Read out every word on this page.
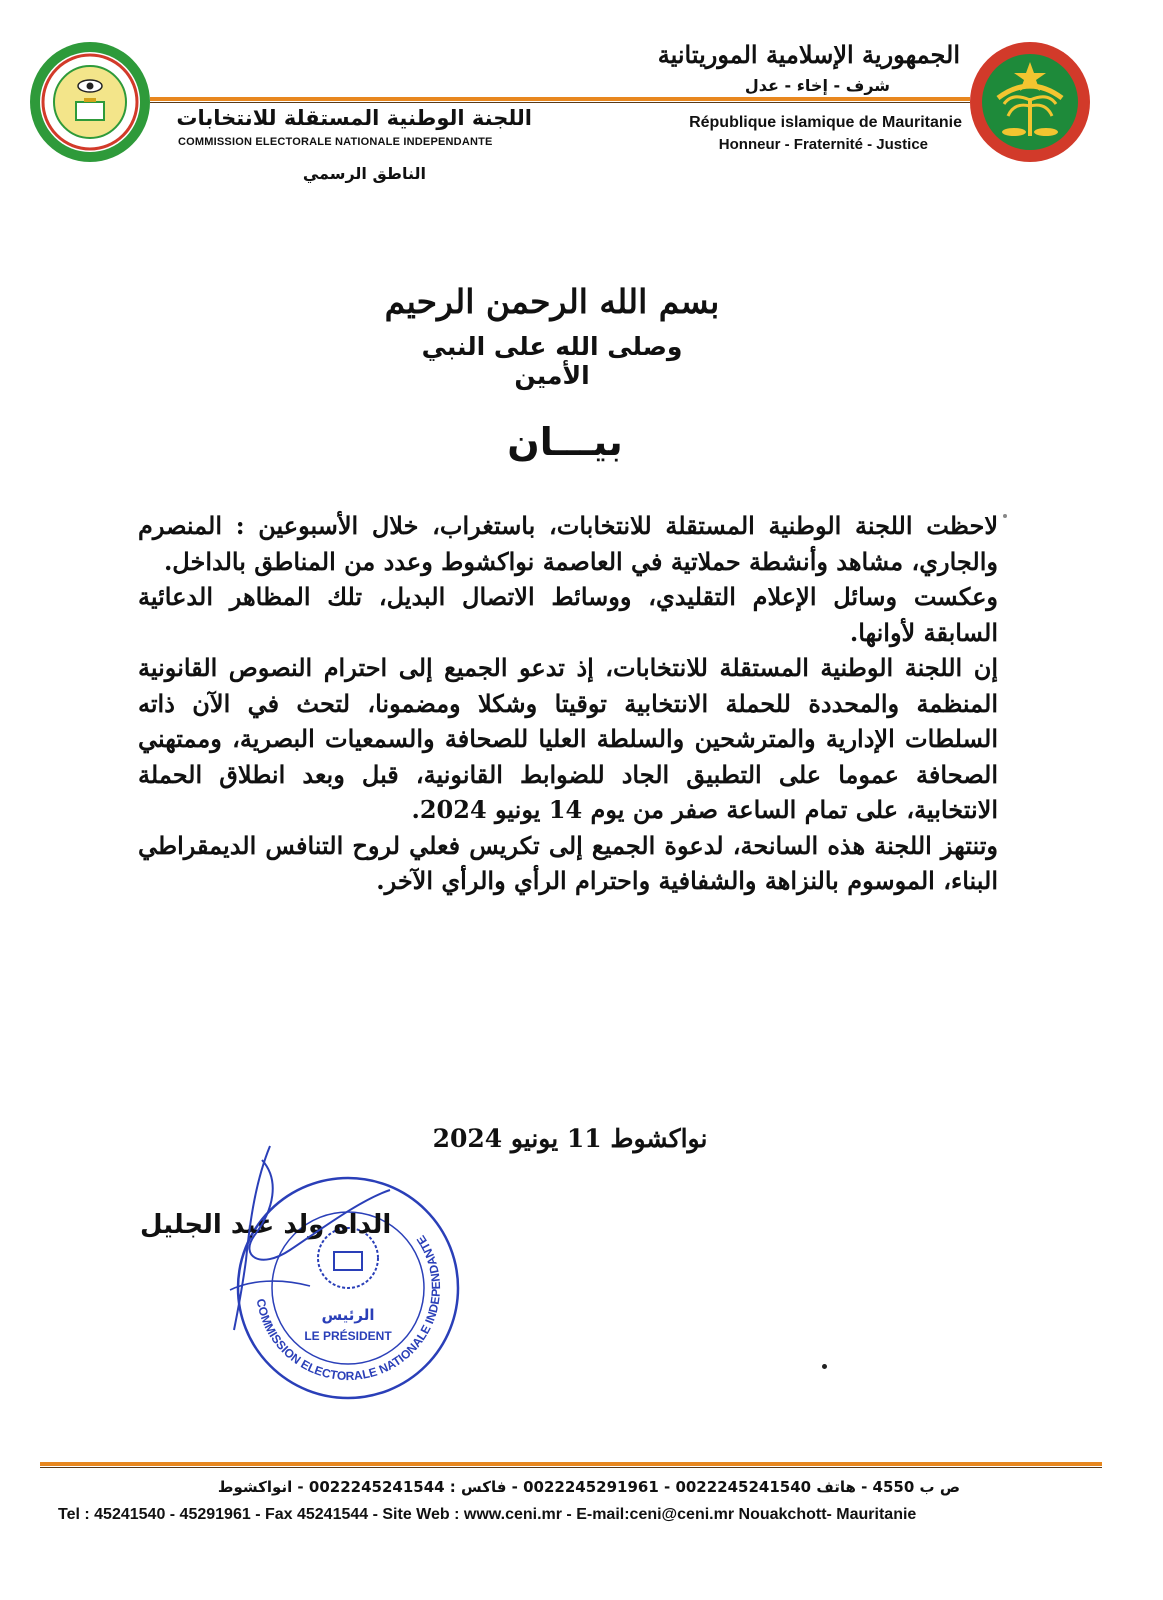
الجمهورية الإسلامية الموريتانية
شرف - إخاء - عدل
République islamique de Mauritanie
Honneur - Fraternité - Justice
اللجنة الوطنية المستقلة للانتخابات
COMMISSION ELECTORALE NATIONALE INDEPENDANTE
الناطق الرسمي
بسم الله الرحمن الرحيم
وصلى الله على النبي الأمين
بيـــان

لاحظت اللجنة الوطنية المستقلة للانتخابات، باستغراب، خلال الأسبوعين : المنصرم والجاري، مشاهد وأنشطة حملاتية في العاصمة نواكشوط وعدد من المناطق بالداخل.

وعكست وسائل الإعلام التقليدي، ووسائط الاتصال البديل، تلك المظاهر الدعائية السابقة لأوانها.

إن اللجنة الوطنية المستقلة للانتخابات، إذ تدعو الجميع إلى احترام النصوص القانونية المنظمة والمحددة للحملة الانتخابية توقيتا وشكلا ومضمونا، لتحث في الآن ذاته السلطات الإدارية والمترشحين والسلطة العليا للصحافة والسمعيات البصرية، وممتهني الصحافة عموما على التطبيق الجاد للضوابط القانونية، قبل وبعد انطلاق الحملة الانتخابية، على تمام الساعة صفر من يوم 14 يونيو 2024.

وتنتهز اللجنة هذه السانحة، لدعوة الجميع إلى تكريس فعلي لروح التنافس الديمقراطي البناء، الموسوم بالنزاهة والشفافية واحترام الرأي والرأي الآخر.

نواكشوط 11 يونيو 2024
COMMISSION ELECTORALE NATIONALE INDEPENDANTE
الرئيس
LE PRÉSIDENT
الداه ولد عبد الجليل
ص ب 4550 - هاتف 0022245241540 - 0022245291961 - فاكس : 0022245241544 - انواكشوط
Tel : 45241540 - 45291961 - Fax 45241544 - Site Web : www.ceni.mr - E-mail:ceni@ceni.mr Nouakchott- Mauritanie
